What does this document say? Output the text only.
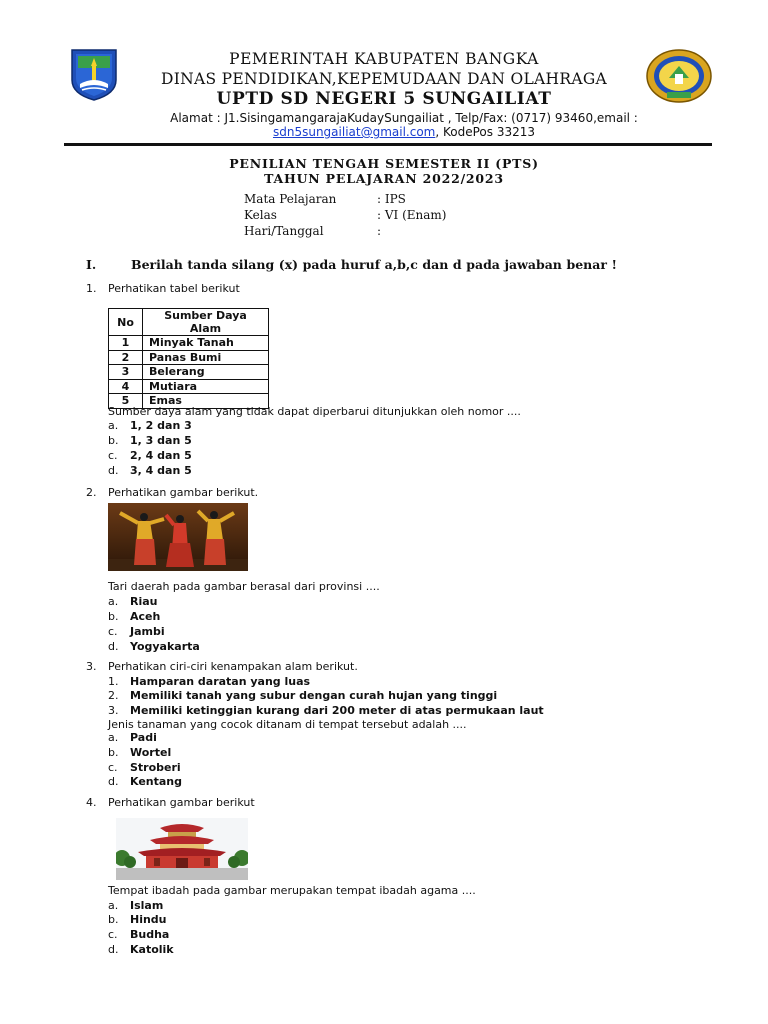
PEMERINTAH KABUPATEN BANGKA
DINAS PENDIDIKAN,KEPEMUDAAN DAN OLAHRAGA
UPTD SD NEGERI 5 SUNGAILIAT
Alamat : J1.SisingamangarajaKudaySungailiat , Telp/Fax: (0717) 93460,email :
sdn5sungailiat@gmail.com, KodePos 33213
PENILIAN TENGAH SEMESTER II (PTS)
TAHUN PELAJARAN 2022/2023
Mata Pelajaran	: IPS
Kelas	: VI (Enam)
Hari/Tanggal	:
I.	Berilah tanda silang (x) pada huruf a,b,c dan d pada jawaban benar !
1. Perhatikan tabel berikut
No	Sumber Daya Alam
1	Minyak Tanah
2	Panas Bumi
3	Belerang
4	Mutiara
5	Emas
Sumber daya alam yang tidak dapat diperbarui ditunjukkan oleh nomor ....
a. 1, 2 dan 3
b. 1, 3 dan 5
c. 2, 4 dan 5
d. 3, 4 dan 5
2. Perhatikan gambar berikut.
Tari daerah pada gambar berasal dari provinsi ....
a. Riau
b. Aceh
c. Jambi
d. Yogyakarta
3. Perhatikan ciri-ciri kenampakan alam berikut.
1. Hamparan daratan yang luas
2. Memiliki tanah yang subur dengan curah hujan yang tinggi
3. Memiliki ketinggian kurang dari 200 meter di atas permukaan laut
Jenis tanaman yang cocok ditanam di tempat tersebut adalah ....
a. Padi
b. Wortel
c. Stroberi
d. Kentang
4. Perhatikan gambar berikut
Tempat ibadah pada gambar merupakan tempat ibadah agama ....
a. Islam
b. Hindu
c. Budha
d. Katolik
